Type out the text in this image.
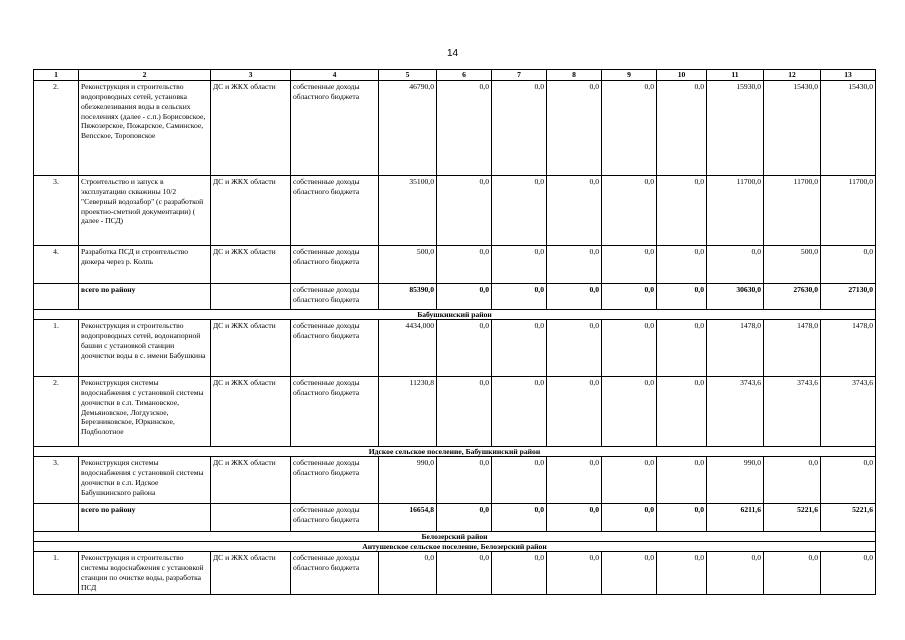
14
1	2	3	4	5	6	7	8	9	10	11	12	13
2.	Реконструкция и строительство водопроводных сетей, установка обезжелезивания воды в сельских поселениях (далее - с.п.) Борисовское, Пяжозерское, Пожарское, Саминское, Вепсское, Тороповское	ДС и ЖКХ области	собственные доходы областного бюджета	46790,0	0,0	0,0	0,0	0,0	0,0	15930,0	15430,0	15430,0
3.	Строительство и запуск в эксплуатацию скважины 10/2 "Северный водозабор" (с разработкой проектно-сметной документации) ( далее - ПСД)	ДС и ЖКХ области	собственные доходы областного бюджета	35100,0	0,0	0,0	0,0	0,0	0,0	11700,0	11700,0	11700,0
4.	Разработка ПСД и строительство дюкера через р. Колпь	ДС и ЖКХ области	собственные доходы областного бюджета	500,0	0,0	0,0	0,0	0,0	0,0	0,0	500,0	0,0
	всего по району		собственные доходы областного бюджета	85390,0	0,0	0,0	0,0	0,0	0,0	30630,0	27630,0	27130,0
Бабушкинский район												
1.	Реконструкция и строительство водопроводных сетей, водонапорной башни с установкой станции доочистки воды в с. имени Бабушкина	ДС и ЖКХ области	собственные доходы областного бюджета	4434,000	0,0	0,0	0,0	0,0	0,0	1478,0	1478,0	1478,0
2.	Реконструкция системы водоснабжения с установкой системы доочистки в с.п. Тимановское, Демьяновское, Логдузское, Березниковское, Юркинское, Подболотное	ДС и ЖКХ области	собственные доходы областного бюджета	11230,8	0,0	0,0	0,0	0,0	0,0	3743,6	3743,6	3743,6
Идское сельское поселение, Бабушкинский район												
3.	Реконструкция системы водоснабжения с установкой системы доочистки в с.п. Идское Бабушкинского района	ДС и ЖКХ области	собственные доходы областного бюджета	990,0	0,0	0,0	0,0	0,0	0,0	990,0	0,0	0,0
	всего по району		собственные доходы областного бюджета	16654,8	0,0	0,0	0,0	0,0	0,0	6211,6	5221,6	5221,6
Белозерский район												
Антушевское сельское поселение, Белозерский район												
1.	Реконструкция и строительство системы водоснабжения с установкой станции по очистке воды, разработка ПСД	ДС и ЖКХ области	собственные доходы областного бюджета	0,0	0,0	0,0	0,0	0,0	0,0	0,0	0,0	0,0
